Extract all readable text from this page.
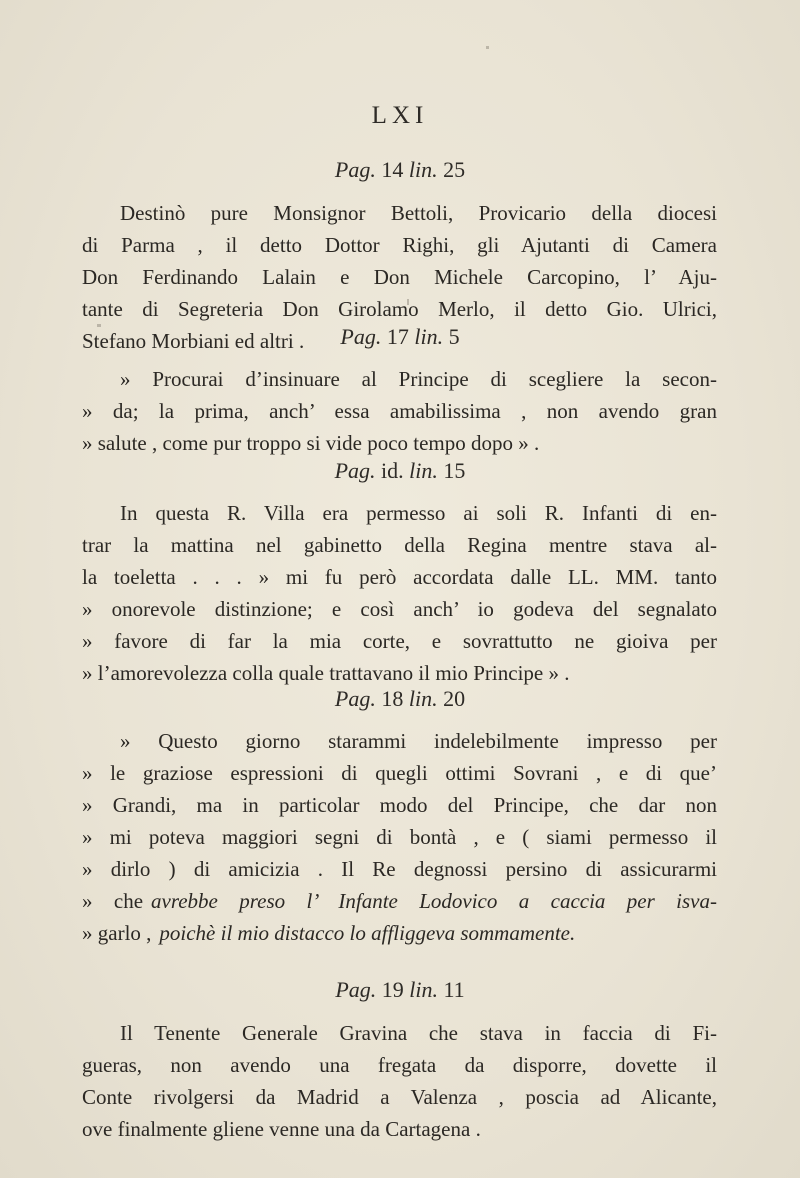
LXI
Pag. 14 lin. 25
Destinò pure Monsignor Bettoli, Provicario della diocesi
di Parma , il detto Dottor Righi, gli Ajutanti di Camera
Don Ferdinando Lalain e Don Michele Carcopino, l’ Aju-
tante di Segreteria Don Girolamo Merlo, il detto Gio. Ulrici,
Stefano Morbiani ed altri .	Pag. 17 lin. 5
» Procurai d’insinuare al Principe di scegliere la secon-
» da; la prima, anch’ essa amabilissima , non avendo gran
» salute , come pur troppo si vide poco tempo dopo » .
Pag. id. lin. 15
In questa R. Villa era permesso ai soli R. Infanti di en-
trar la mattina nel gabinetto della Regina mentre stava al-
la toeletta . . . » mi fu però accordata dalle LL. MM. tanto
» onorevole distinzione; e così anch’ io godeva del segnalato
» favore di far la mia corte, e sovrattutto ne gioiva per
» l’amorevolezza colla quale trattavano il mio Principe » .
Pag. 18 lin. 20
» Questo giorno starammi indelebilmente impresso per
» le graziose espressioni di quegli ottimi Sovrani , e di que’
» Grandi, ma in particolar modo del Principe, che dar non
» mi poteva maggiori segni di bontà , e ( siami permesso il
» dirlo ) di amicizia . Il Re degnossi persino di assicurarmi
» che avrebbe preso l’ Infante Lodovico a caccia per isva-
» garlo , poichè il mio distacco lo affliggeva sommamente.
Pag. 19 lin. 11
Il Tenente Generale Gravina che stava in faccia di Fi-
gueras, non avendo una fregata da disporre, dovette il
Conte rivolgersi da Madrid a Valenza , poscia ad Alicante,
ove finalmente gliene venne una da Cartagena .
